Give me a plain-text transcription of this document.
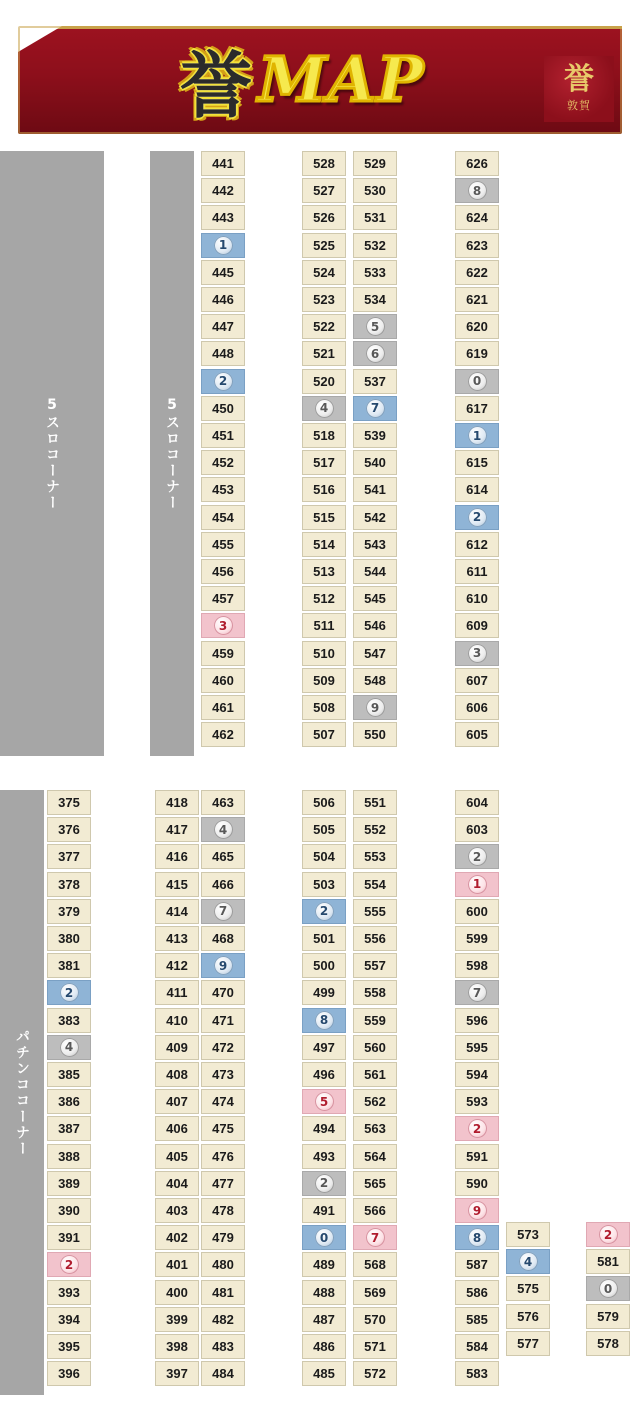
誉 MAP	誉
敦賀
5スロコーナー	5スロコーナー
パチンココーナー
441
442
443
1
445
446
447
448
2
450
451
452
453
454
455
456
457
3
459
460
461
462
528
527
526
525
524
523
522
521
520
4
518
517
516
515
514
513
512
511
510
509
508
507
529
530
531
532
533
534
5
6
537
7
539
540
541
542
543
544
545
546
547
548
9
550
626
8
624
623
622
621
620
619
0
617
1
615
614
2
612
611
610
609
3
607
606
605
375
376
377
378
379
380
381
2
383
4
385
386
387
388
389
390
391
2
393
394
395
396
418
417
416
415
414
413
412
411
410
409
408
407
406
405
404
403
402
401
400
399
398
397
463
4
465
466
7
468
9
470
471
472
473
474
475
476
477
478
479
480
481
482
483
484
506
505
504
503
2
501
500
499
8
497
496
5
494
493
2
491
0
489
488
487
486
485
551
552
553
554
555
556
557
558
559
560
561
562
563
564
565
566
7
568
569
570
571
572
604
603
2
1
600
599
598
7
596
595
594
593
2
591
590
9
8
587
586
585
584
583
573
4
575
576
577
2
581
0
579
578
